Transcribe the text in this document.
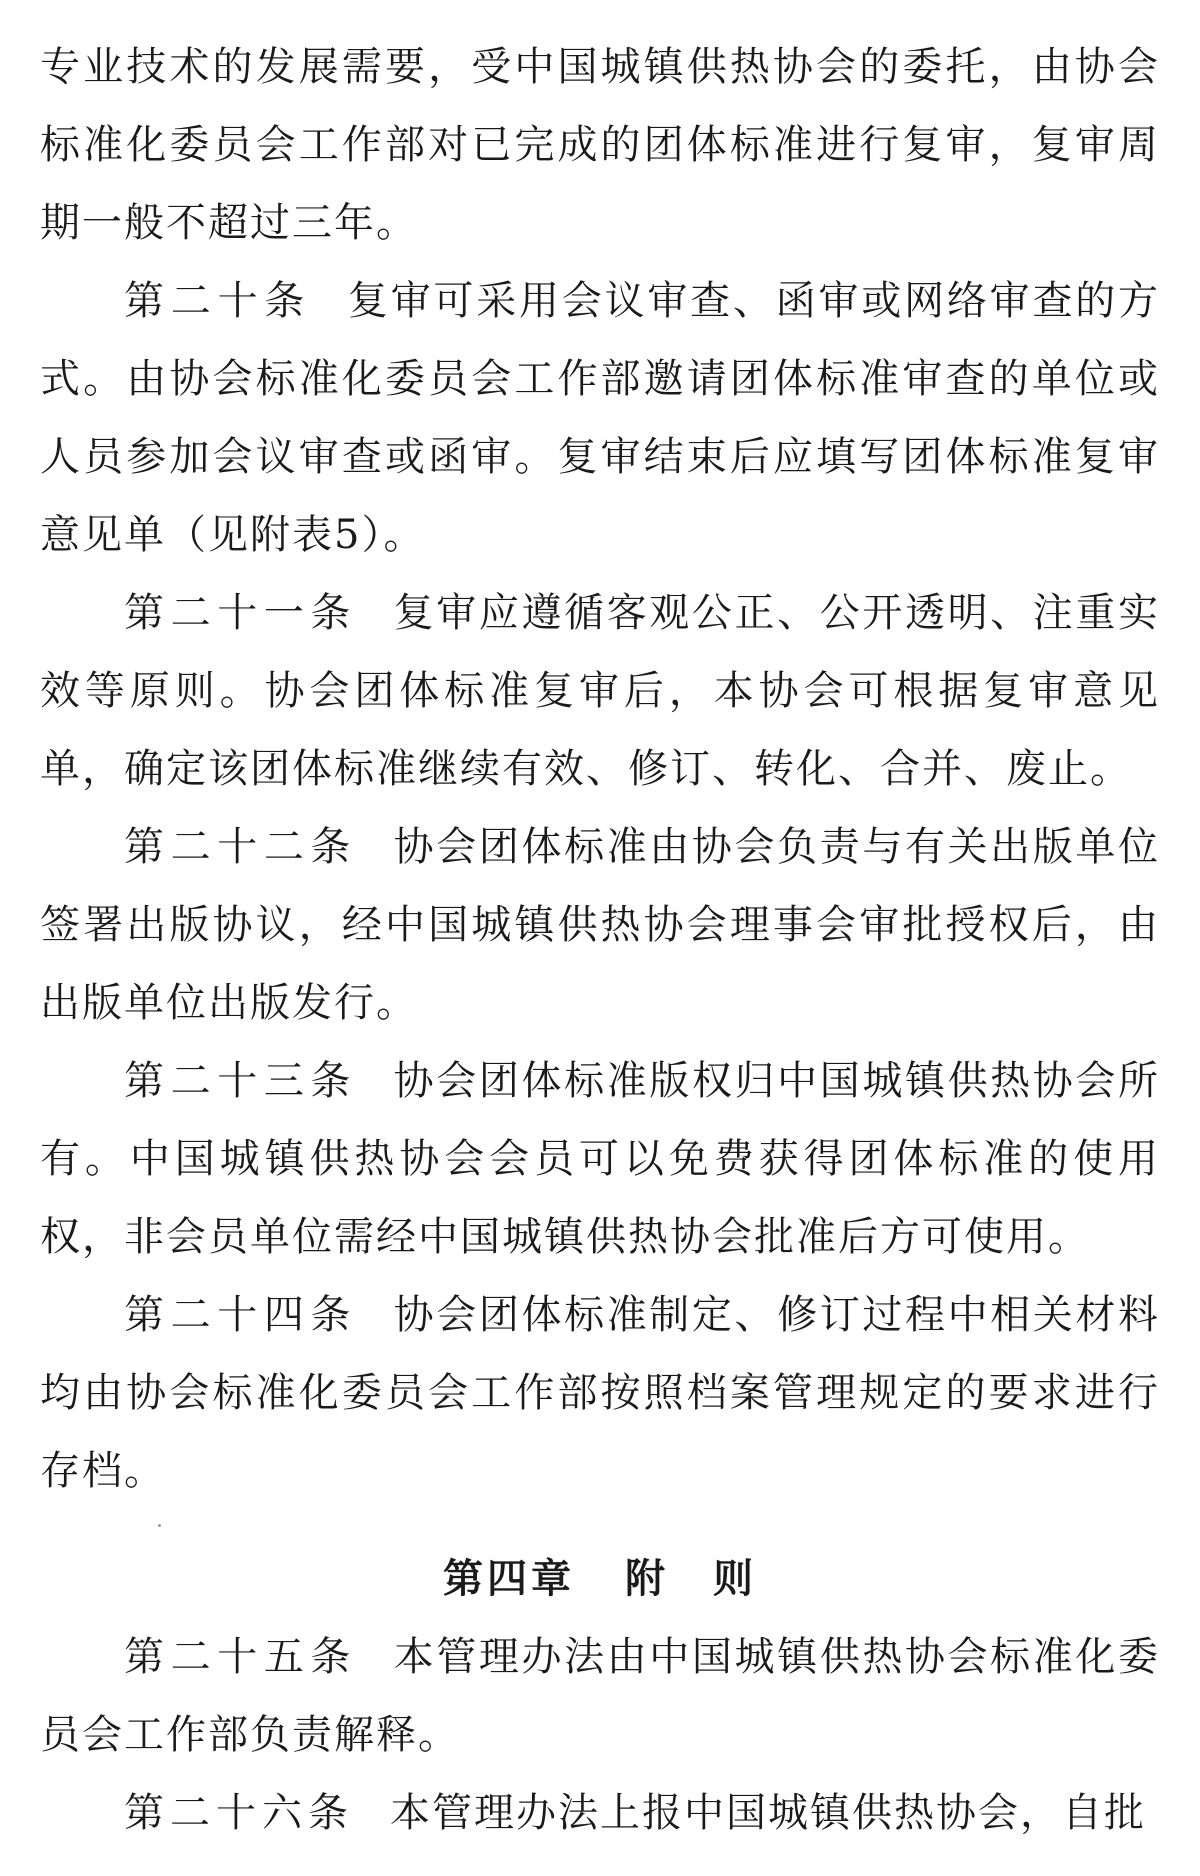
专业技术的发展需要，受中国城镇供热协会的委托，由协会标准化委员会工作部对已完成的团体标准进行复审，复审周期一般不超过三年。

第二十条 复审可采用会议审查、函审或网络审查的方式。由协会标准化委员会工作部邀请团体标准审查的单位或人员参加会议审查或函审。复审结束后应填写团体标准复审意见单（见附表5）。

第二十一条 复审应遵循客观公正、公开透明、注重实效等原则。协会团体标准复审后，本协会可根据复审意见单，确定该团体标准继续有效、修订、转化、合并、废止。

第二十二条 协会团体标准由协会负责与有关出版单位签署出版协议，经中国城镇供热协会理事会审批授权后，由出版单位出版发行。

第二十三条 协会团体标准版权归中国城镇供热协会所有。中国城镇供热协会会员可以免费获得团体标准的使用权，非会员单位需经中国城镇供热协会批准后方可使用。

第二十四条 协会团体标准制定、修订过程中相关材料均由协会标准化委员会工作部按照档案管理规定的要求进行存档。

第四章 附　则

第二十五条 本管理办法由中国城镇供热协会标准化委员会工作部负责解释。

第二十六条 本管理办法上报中国城镇供热协会，自批
